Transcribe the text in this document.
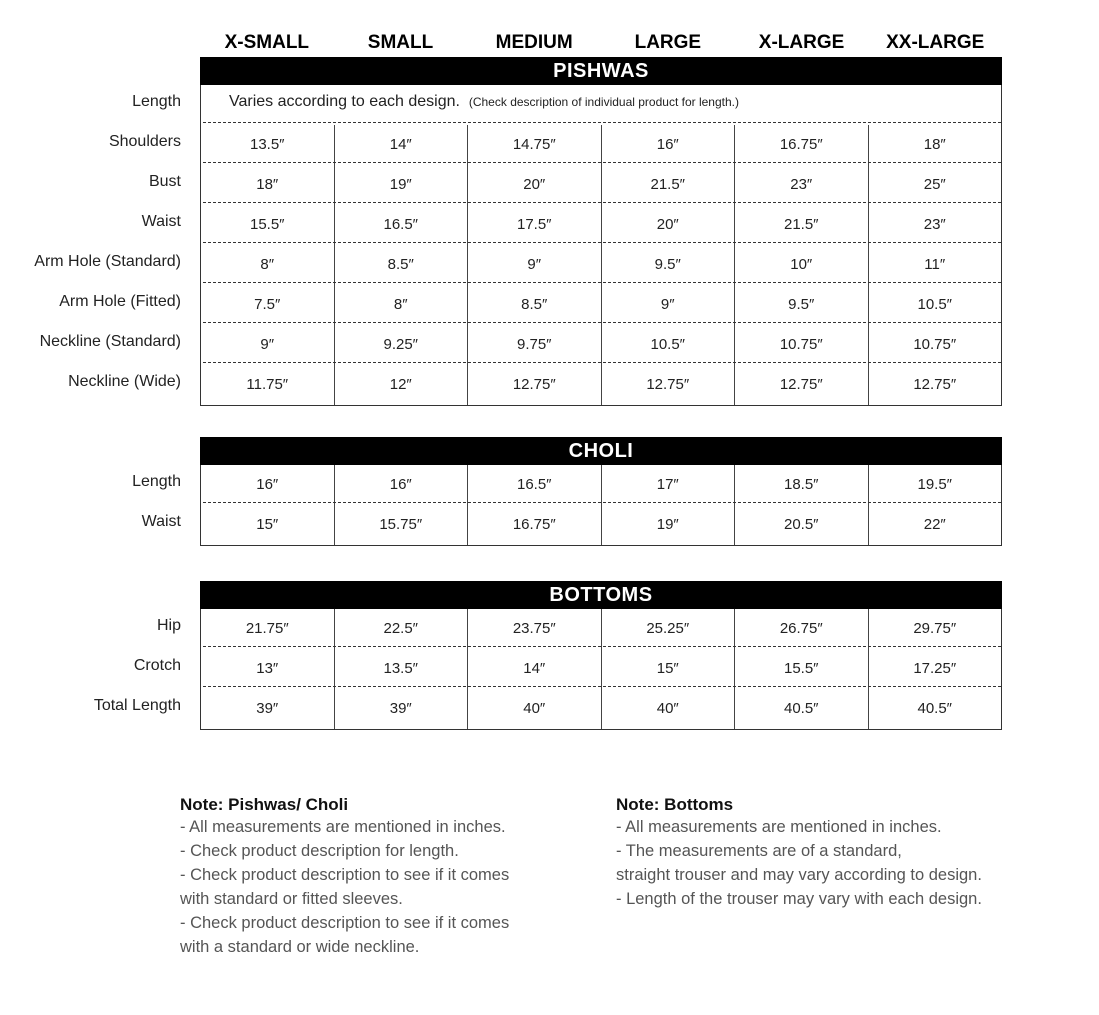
X-SMALL	SMALL	MEDIUM	LARGE	X-LARGE	XX-LARGE
PISHWAS
Length	Varies according to each design. (Check description of individual product for length.)
Shoulders	13.5″	14″	14.75″	16″	16.75″	18″
Bust	18″	19″	20″	21.5″	23″	25″
Waist	15.5″	16.5″	17.5″	20″	21.5″	23″
Arm Hole (Standard)	8″	8.5″	9″	9.5″	10″	11″
Arm Hole (Fitted)	7.5″	8″	8.5″	9″	9.5″	10.5″
Neckline (Standard)	9″	9.25″	9.75″	10.5″	10.75″	10.75″
Neckline (Wide)	11.75″	12″	12.75″	12.75″	12.75″	12.75″
CHOLI
Length	16″	16″	16.5″	17″	18.5″	19.5″
Waist	15″	15.75″	16.75″	19″	20.5″	22″
BOTTOMS
Hip	21.75″	22.5″	23.75″	25.25″	26.75″	29.75″
Crotch	13″	13.5″	14″	15″	15.5″	17.25″
Total Length	39″	39″	40″	40″	40.5″	40.5″
Note: Pishwas/ Choli

- All measurements are mentioned in inches.

- Check product description for length.

- Check product description to see if it comes

with standard or fitted sleeves.

- Check product description to see if it comes

with a standard or wide neckline.

Note: Bottoms

- All measurements are mentioned in inches.

- The measurements are of a standard,

straight trouser and may vary according to design.

- Length of the trouser may vary with each design.
